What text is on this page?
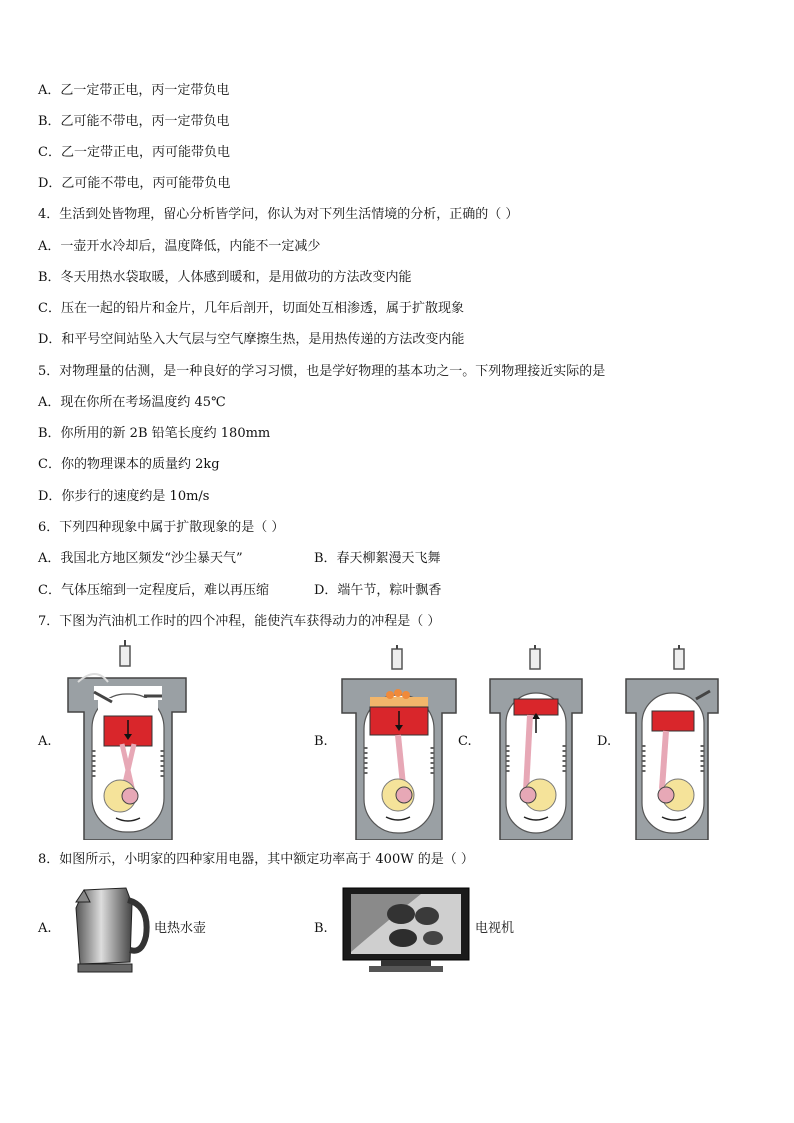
A．乙一定带正电，丙一定带负电
B．乙可能不带电，丙一定带负电
C．乙一定带正电，丙可能带负电
D．乙可能不带电，丙可能带负电
4．生活到处皆物理，留心分析皆学问，你认为对下列生活情境的分析，正确的（ ）
A．一壶开水冷却后，温度降低，内能不一定减少
B．冬天用热水袋取暖，人体感到暖和，是用做功的方法改变内能
C．压在一起的铅片和金片，几年后剖开，切面处互相渗透，属于扩散现象
D．和平号空间站坠入大气层与空气摩擦生热，是用热传递的方法改变内能
5．对物理量的估测，是一种良好的学习习惯，也是学好物理的基本功之一。下列物理接近实际的是
A．现在你所在考场温度约 45℃
B．你所用的新 2B 铅笔长度约 180mm
C．你的物理课本的质量约 2kg
D．你步行的速度约是 10m/s
6．下列四种现象中属于扩散现象的是（ ）
A．我国北方地区频发“沙尘暴天气”	B．春天柳絮漫天飞舞
C．气体压缩到一定程度后，难以再压缩	D．端午节，粽叶飘香
7．下图为汽油机工作时的四个冲程，能使汽车获得动力的冲程是（ ）
A.	B.	C.	D.
8．如图所示，小明家的四种家用电器，其中额定功率高于 400W 的是（ ）
A.	电热水壶	B.	电视机
